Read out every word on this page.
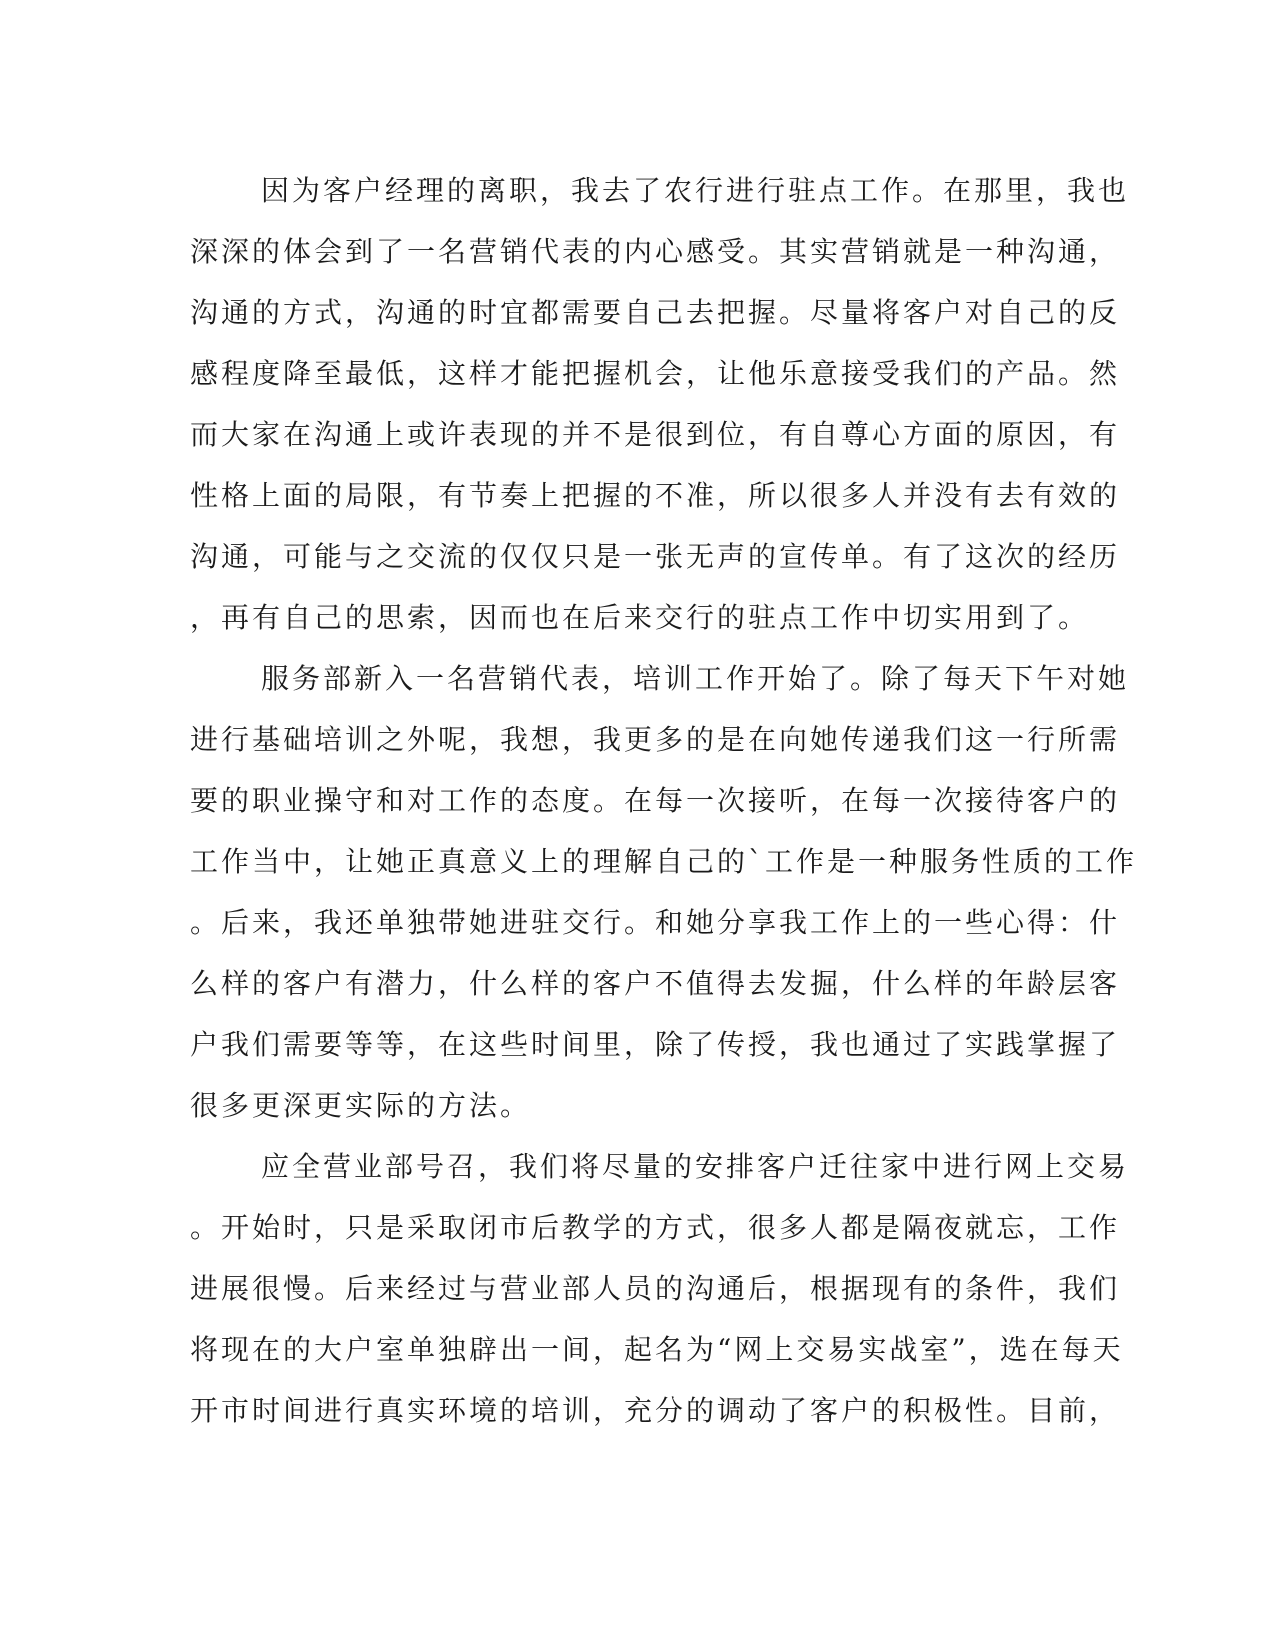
因为客户经理的离职，我去了农行进行驻点工作。在那里，我也
深深的体会到了一名营销代表的内心感受。其实营销就是一种沟通，
沟通的方式，沟通的时宜都需要自己去把握。尽量将客户对自己的反
感程度降至最低，这样才能把握机会，让他乐意接受我们的产品。然
而大家在沟通上或许表现的并不是很到位，有自尊心方面的原因，有
性格上面的局限，有节奏上把握的不准，所以很多人并没有去有效的
沟通，可能与之交流的仅仅只是一张无声的宣传单。有了这次的经历
，再有自己的思索，因而也在后来交行的驻点工作中切实用到了。
服务部新入一名营销代表，培训工作开始了。除了每天下午对她
进行基础培训之外呢，我想，我更多的是在向她传递我们这一行所需
要的职业操守和对工作的态度。在每一次接听，在每一次接待客户的
工作当中，让她正真意义上的理解自己的`工作是一种服务性质的工作
。后来，我还单独带她进驻交行。和她分享我工作上的一些心得：什
么样的客户有潜力，什么样的客户不值得去发掘，什么样的年龄层客
户我们需要等等，在这些时间里，除了传授，我也通过了实践掌握了
很多更深更实际的方法。
应全营业部号召，我们将尽量的安排客户迁往家中进行网上交易
。开始时，只是采取闭市后教学的方式，很多人都是隔夜就忘，工作
进展很慢。后来经过与营业部人员的沟通后，根据现有的条件，我们
将现在的大户室单独辟出一间，起名为“网上交易实战室”，选在每天
开市时间进行真实环境的培训，充分的调动了客户的积极性。目前，
